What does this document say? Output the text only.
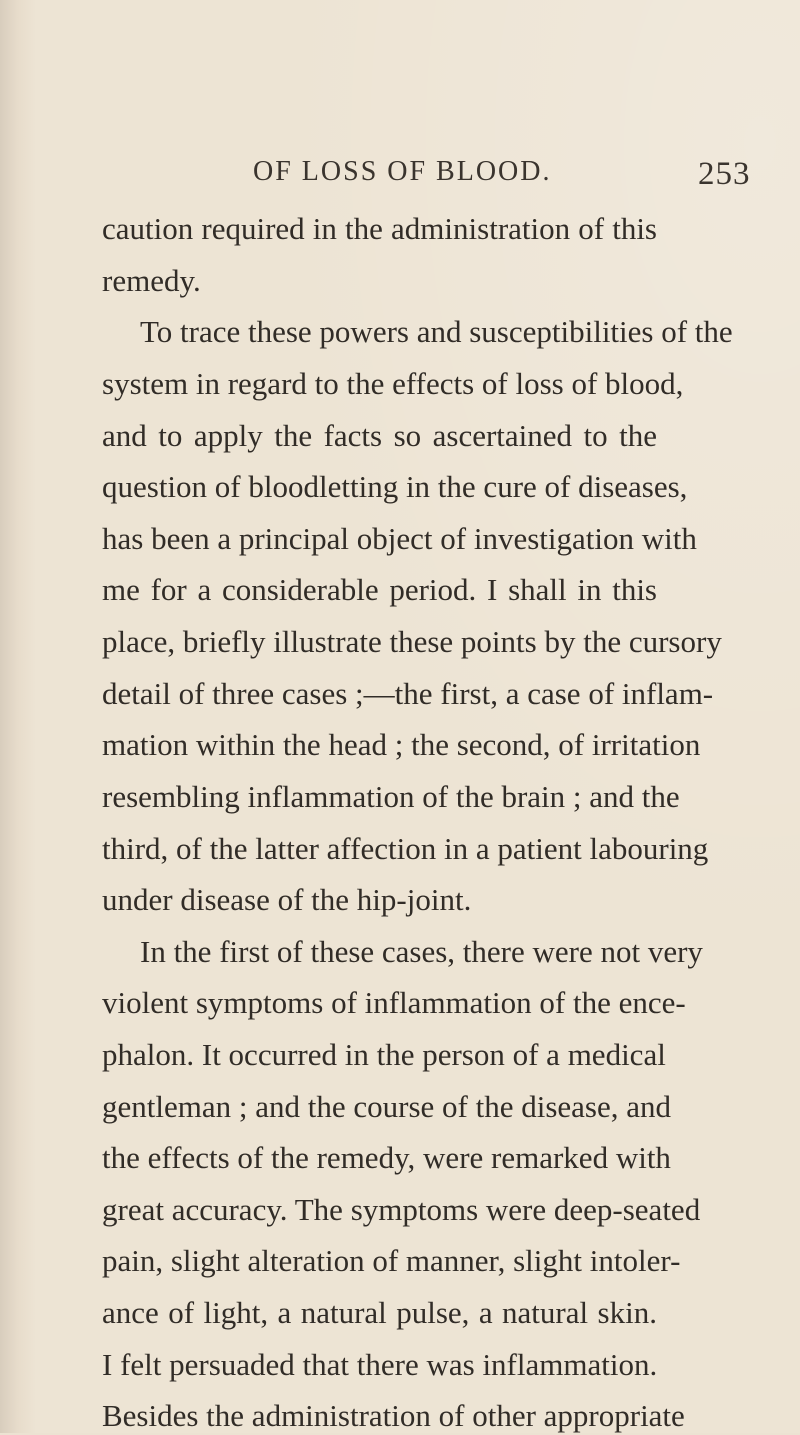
OF LOSS OF BLOOD.	253
caution required in the administration of this
remedy.
To trace these powers and susceptibilities of the
system in regard to the effects of loss of blood,
and to apply the facts so ascertained to the
question of bloodletting in the cure of diseases,
has been a principal object of investigation with
me for a considerable period. I shall in this
place, briefly illustrate these points by the cursory
detail of three cases ;—the first, a case of inflam-
mation within the head ; the second, of irritation
resembling inflammation of the brain ; and the
third, of the latter affection in a patient labouring
under disease of the hip-joint.
In the first of these cases, there were not very
violent symptoms of inflammation of the ence-
phalon. It occurred in the person of a medical
gentleman ; and the course of the disease, and
the effects of the remedy, were remarked with
great accuracy. The symptoms were deep-seated
pain, slight alteration of manner, slight intoler-
ance of light, a natural pulse, a natural skin.
I felt persuaded that there was inflammation.
Besides the administration of other appropriate
